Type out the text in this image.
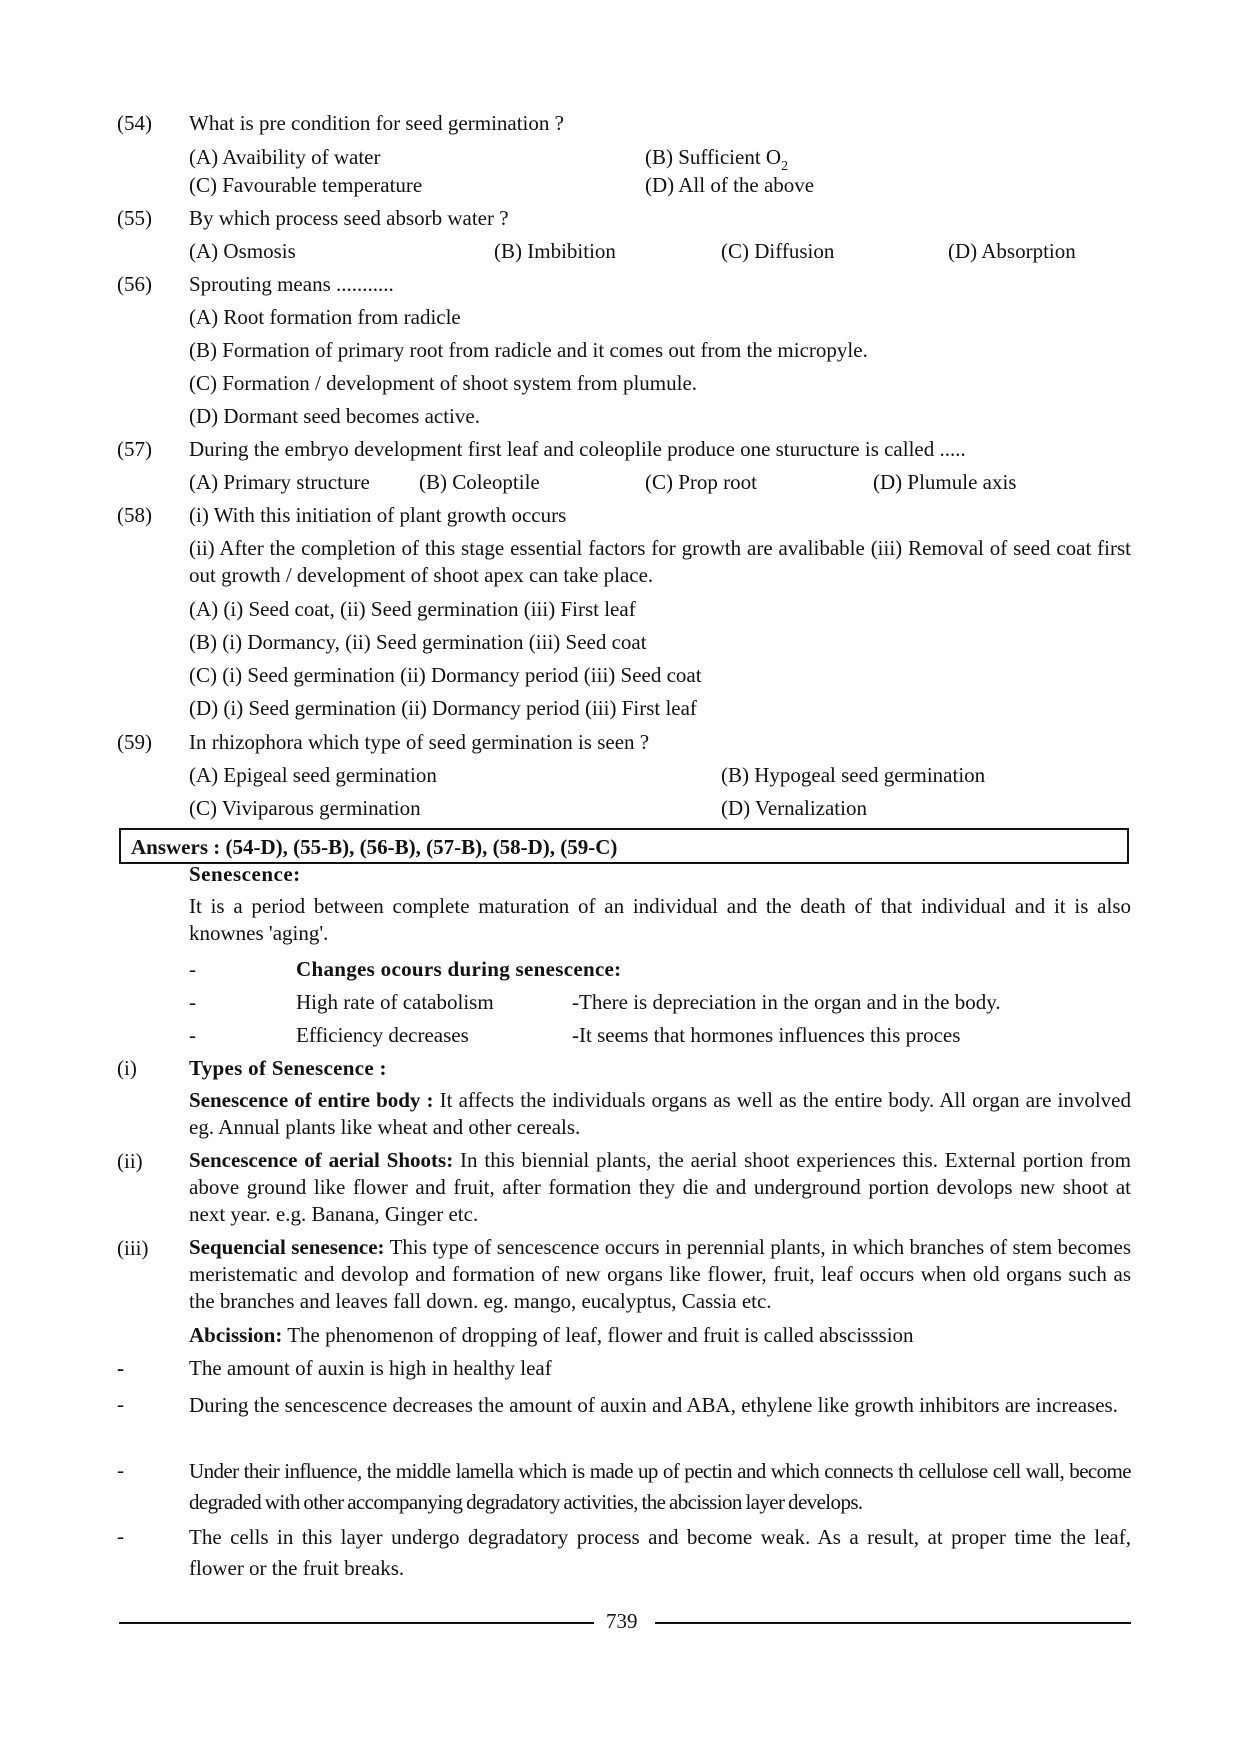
(54) What is pre condition for seed germination ?
(A) Avaibility of water	(B) Sufficient $O_2$
(C) Favourable temperature	(D) All of the above
(55) By which process seed absorb water ?
(A) Osmosis	(B) Imbibition	(C) Diffusion	(D) Absorption
(56) Sprouting means ...........
(A) Root formation from radicle
(B) Formation of primary root from radicle and it comes out from the micropyle.
(C) Formation / development of shoot system from plumule.
(D) Dormant seed becomes active.
(57) During the embryo development first leaf and coleoplile produce one sturucture is called .....
(A) Primary structure (B) Coleoptile	(C) Prop root	(D) Plumule axis
(58) (i) With this initiation of plant growth occurs
(ii) After the completion of this stage essential factors for growth are avalibable (iii) Removal of seed coat first out growth / development of shoot apex can take place.
(A) (i) Seed coat, (ii) Seed germination (iii) First leaf
(B) (i) Dormancy, (ii) Seed germination (iii) Seed coat
(C) (i) Seed germination (ii) Dormancy period (iii) Seed coat
(D) (i) Seed germination (ii) Dormancy period (iii) First leaf
(59) In rhizophora which type of seed germination is seen ?
(A) Epigeal seed germination	(B) Hypogeal seed germination
(C) Viviparous germination	(D) Vernalization
Answers : (54-D), (55-B), (56-B), (57-B), (58-D), (59-C)
Senescence:
It is a period between complete maturation of an individual and the death of that individual and it is also knownes 'aging'.
-	Changes ocours during senescence:
-	High rate of catabolism	-There is depreciation in the organ and in the body.
-	Efficiency decreases	-It seems that hormones influences this proces
(i) Types of Senescence :
Senescence of entire body : It affects the individuals organs as well as the entire body. All organ are involved eg. Annual plants like wheat and other cereals.
(ii) Sencescence of aerial Shoots: In this biennial plants, the aerial shoot experiences this. External portion from above ground like flower and fruit, after formation they die and underground portion devolops new shoot at next year. e.g. Banana, Ginger etc.
(iii) Sequencial senesence: This type of sencescence occurs in perennial plants, in which branches of stem becomes meristematic and devolop and formation of new organs like flower, fruit, leaf occurs when old organs such as the branches and leaves fall down. eg. mango, eucalyptus, Cassia etc.
Abcission: The phenomenon of dropping of leaf, flower and fruit is called abscisssion
-	The amount of auxin is high in healthy leaf
-	During the sencescence decreases the amount of auxin and ABA, ethylene like growth inhibitors are increases.
-	Under their influence, the middle lamella which is made up of pectin and which connects th cellulose cell wall, become degraded with other accompanying degradatory activities, the abcission layer develops.
-	The cells in this layer undergo degradatory process and become weak. As a result, at proper time the leaf, flower or the fruit breaks.
739
